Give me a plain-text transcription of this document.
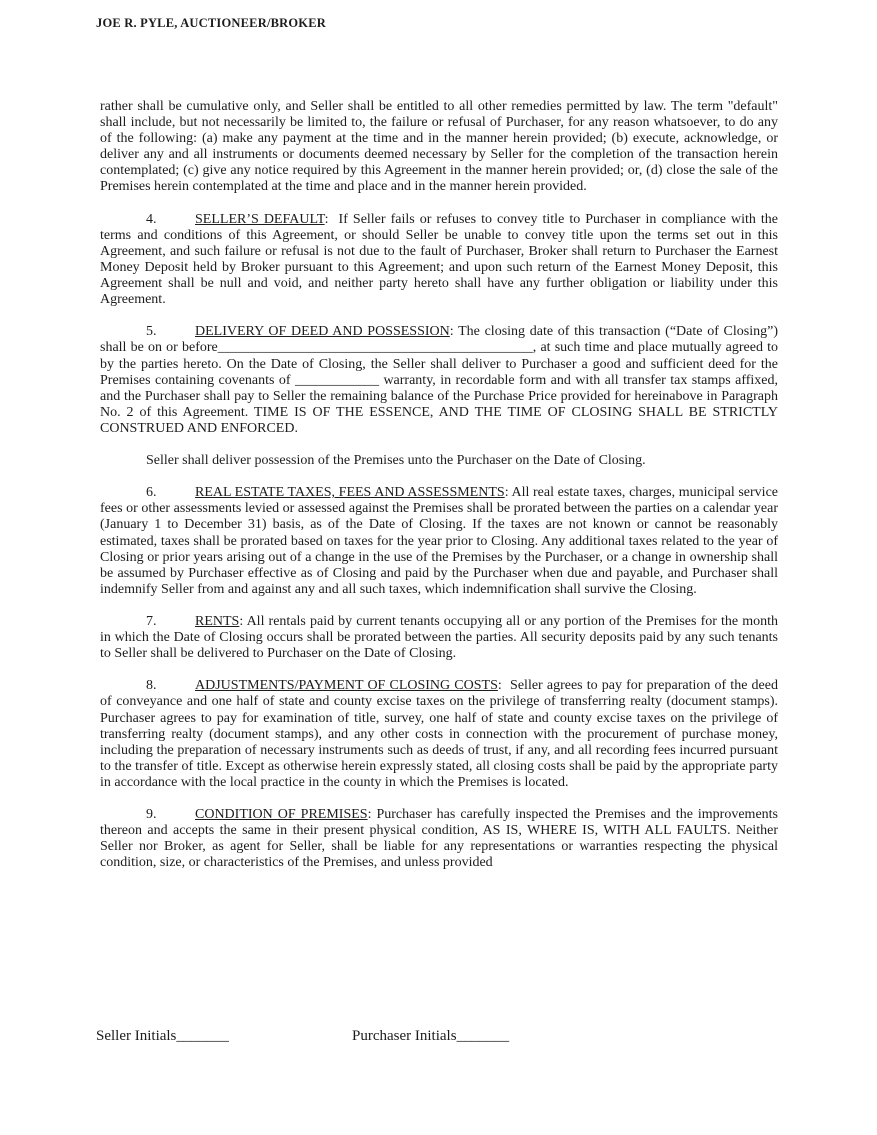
JOE R. PYLE, AUCTIONEER/BROKER

rather shall be cumulative only, and Seller shall be entitled to all other remedies permitted by law. The term "default" shall include, but not necessarily be limited to, the failure or refusal of Purchaser, for any reason whatsoever, to do any of the following: (a) make any payment at the time and in the manner herein provided; (b) execute, acknowledge, or deliver any and all instruments or documents deemed necessary by Seller for the completion of the transaction herein contemplated; (c) give any notice required by this Agreement in the manner herein provided; or, (d) close the sale of the Premises herein contemplated at the time and place and in the manner herein provided.

4.	SELLER’S DEFAULT:  If Seller fails or refuses to convey title to Purchaser in compliance with the terms and conditions of this Agreement, or should Seller be unable to convey title upon the terms set out in this Agreement, and such failure or refusal is not due to the fault of Purchaser, Broker shall return to Purchaser the Earnest Money Deposit held by Broker pursuant to this Agreement; and upon such return of the Earnest Money Deposit, this Agreement shall be null and void, and neither party hereto shall have any further obligation or liability under this Agreement.

5.	DELIVERY OF DEED AND POSSESSION: The closing date of this transaction (“Date of Closing”) shall be on or before_____________________________________________, at such time and place mutually agreed to by the parties hereto. On the Date of Closing, the Seller shall deliver to Purchaser a good and sufficient deed for the Premises containing covenants of ____________ warranty, in recordable form and with all transfer tax stamps affixed, and the Purchaser shall pay to Seller the remaining balance of the Purchase Price provided for hereinabove in Paragraph No. 2 of this Agreement. TIME IS OF THE ESSENCE, AND THE TIME OF CLOSING SHALL BE STRICTLY CONSTRUED AND ENFORCED.

Seller shall deliver possession of the Premises unto the Purchaser on the Date of Closing.

6.	REAL ESTATE TAXES, FEES AND ASSESSMENTS: All real estate taxes, charges, municipal service fees or other assessments levied or assessed against the Premises shall be prorated between the parties on a calendar year (January 1 to December 31) basis, as of the Date of Closing. If the taxes are not known or cannot be reasonably estimated, taxes shall be prorated based on taxes for the year prior to Closing. Any additional taxes related to the year of Closing or prior years arising out of a change in the use of the Premises by the Purchaser, or a change in ownership shall be assumed by Purchaser effective as of Closing and paid by the Purchaser when due and payable, and Purchaser shall indemnify Seller from and against any and all such taxes, which indemnification shall survive the Closing.

7.	RENTS: All rentals paid by current tenants occupying all or any portion of the Premises for the month in which the Date of Closing occurs shall be prorated between the parties. All security deposits paid by any such tenants to Seller shall be delivered to Purchaser on the Date of Closing.

8.	ADJUSTMENTS/PAYMENT OF CLOSING COSTS:  Seller agrees to pay for preparation of the deed of conveyance and one half of state and county excise taxes on the privilege of transferring realty (document stamps). Purchaser agrees to pay for examination of title, survey, one half of state and county excise taxes on the privilege of transferring realty (document stamps), and any other costs in connection with the procurement of purchase money, including the preparation of necessary instruments such as deeds of trust, if any, and all recording fees incurred pursuant to the transfer of title. Except as otherwise herein expressly stated, all closing costs shall be paid by the appropriate party in accordance with the local practice in the county in which the Premises is located.

9.	CONDITION OF PREMISES: Purchaser has carefully inspected the Premises and the improvements thereon and accepts the same in their present physical condition, AS IS, WHERE IS, WITH ALL FAULTS. Neither Seller nor Broker, as agent for Seller, shall be liable for any representations or warranties respecting the physical condition, size, or characteristics of the Premises, and unless provided

Seller Initials_______	Purchaser Initials_______
